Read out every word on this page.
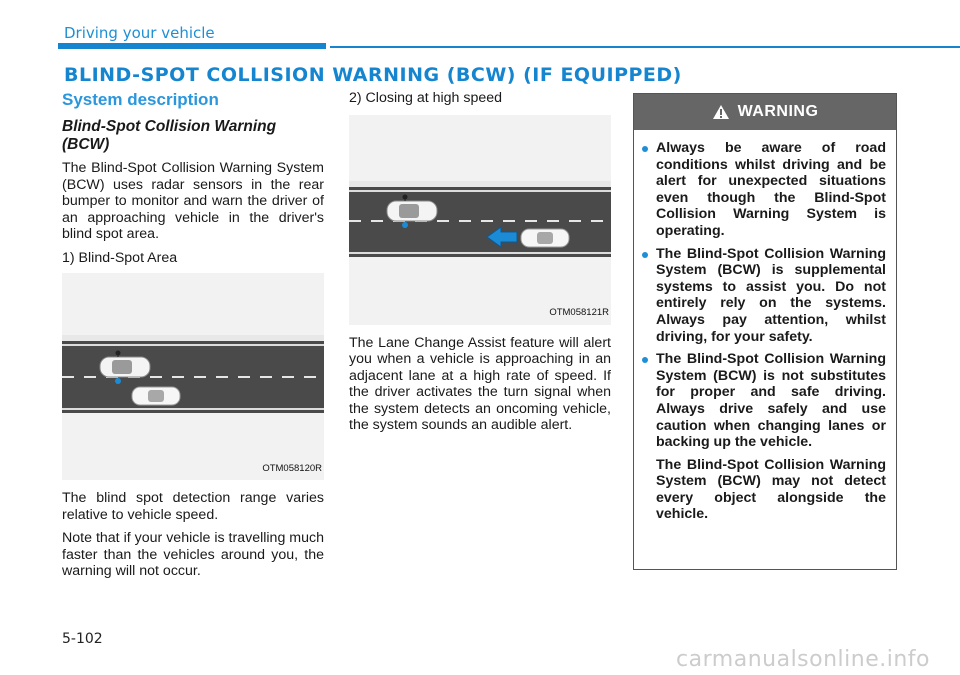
Driving your vehicle
BLIND-SPOT COLLISION WARNING (BCW) (IF EQUIPPED)
System description
Blind-Spot Collision Warning (BCW)

The Blind-Spot Collision Warning System (BCW) uses radar sensors in the rear bumper to monitor and warn the driver of an approaching vehicle in the driver's blind spot area.

1) Blind-Spot Area

OTM058120R

The blind spot detection range varies relative to vehicle speed.

Note that if your vehicle is travelling much faster than the vehicles around you, the warning will not occur.

2) Closing at high speed

OTM058121R

The Lane Change Assist feature will alert you when a vehicle is approaching in an adjacent lane at a high rate of speed. If the driver activates the turn signal when the system detects an oncoming vehicle, the system sounds an audible alert.

WARNING
Always be aware of road conditions whilst driving and be alert for unexpected situations even though the Blind-Spot Collision Warning System is operating.
The Blind-Spot Collision Warning System (BCW) is supplemental systems to assist you. Do not entirely rely on the systems. Always pay attention, whilst driving, for your safety.
The Blind-Spot Collision Warning System (BCW) is not substitutes for proper and safe driving. Always drive safely and use caution when changing lanes or backing up the vehicle.
The Blind-Spot Collision Warning System (BCW) may not detect every object alongside the vehicle.
5-102
carmanualsonline.info
